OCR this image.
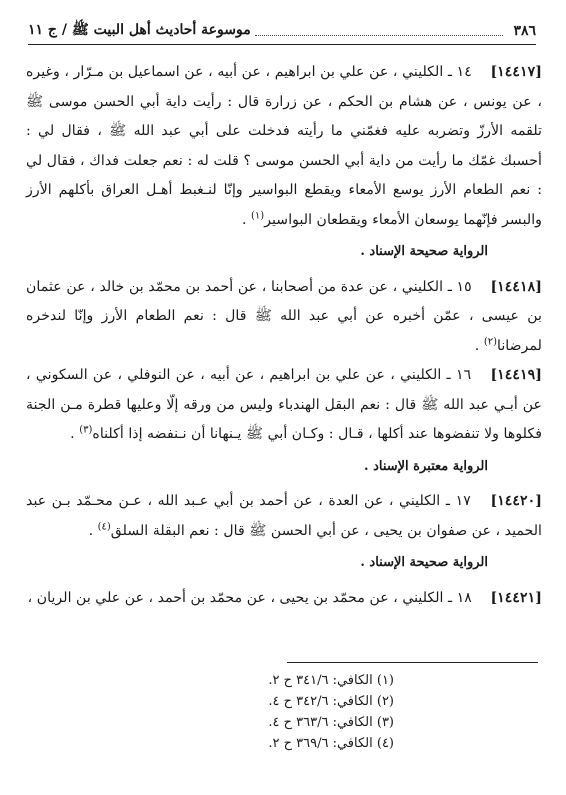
٣٨٦
موسوعة أحاديث أهل البيت ﷺ / ج ١١

[١٤٤١٧] ١٤ ـ الكليني ، عن علي بن ابراهيم ، عن أبيه ، عن اسماعيل بن مـرّار ، وغيره ، عن يونس ، عن هشام بن الحكم ، عن زرارة قال : رأيت داية أبي الحسن موسى ﷺ تلقمه الأرزّ وتضربه عليه فغمّني ما رأيته فدخلت على أبي عبد الله ﷺ ، فقال لي : أحسبك غمّك ما رأيت من داية أبي الحسن موسى ؟ قلت له : نعم جعلت فداك ، فقال لي : نعم الطعام الأرز يوسع الأمعاء ويقطع البواسير وإنّا لنـغبط أهـل العراق بأكلهم الأرز والبسر فإنّهما يوسعان الأمعاء ويقطعان البواسير$^{(١)}$ .

الرواية صحيحة الإسناد .

[١٤٤١٨] ١٥ ـ الكليني ، عن عدة من أصحابنا ، عن أحمد بن محمّد بن خالد ، عن عثمان بن عيسى ، عمّن أخبره عن أبي عبد الله ﷺ قال : نعم الطعام الأرز وإنّا لندخره لمرضانا$^{(٢)}$ .

[١٤٤١٩] ١٦ ـ الكليني ، عن علي بن ابراهيم ، عن أبيه ، عن النوفلي ، عن السكوني ، عن أبـي عبد الله ﷺ قال : نعم البقل الهندباء وليس من ورقه إلّا وعليها قطرة مـن الجنة فكلوها ولا تنفضوها عند أكلها ، قـال : وكـان أبي ﷺ يـنهانا أن نـنفضه إذا أكلناه$^{(٣)}$ .

الرواية معتبرة الإسناد .

[١٤٤٢٠] ١٧ ـ الكليني ، عن العدة ، عن أحمد بن أبي عـبد الله ، عـن محـمّد بـن عبد الحميد ، عن صفوان بن يحيى ، عن أبي الحسن ﷺ قال : نعم البقلة السلق$^{(٤)}$ .

الرواية صحيحة الإسناد .

[١٤٤٢١] ١٨ ـ الكليني ، عن محمّد بن يحيى ، عن محمّد بن أحمد ، عن علي بن الريان ،

(١) الكافي: ٣٤١/٦ ح ٢.
(٢) الكافي: ٣٤٢/٦ ح ٤.
(٣) الكافي: ٣٦٣/٦ ح ٤.
(٤) الكافي: ٣٦٩/٦ ح ٢.
